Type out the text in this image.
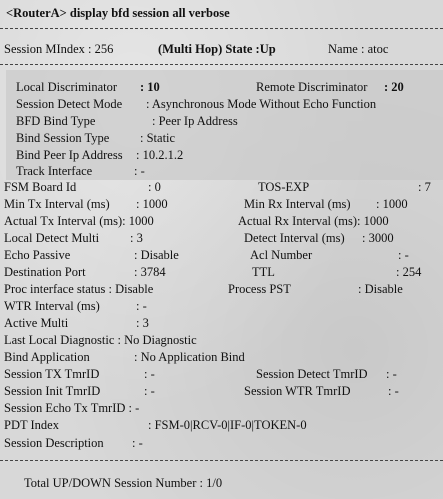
<RouterA> display bfd session all verbose
Session MIndex : 256	(Multi Hop) State :Up	Name : atoc
Local Discriminator : 10	Remote Discriminator : 20
Session Detect Mode : Asynchronous Mode Without Echo Function
BFD Bind Type	: Peer Ip Address
Bind Session Type : Static
Bind Peer Ip Address : 10.2.1.2
Track Interface	: -
FSM Board Id	: 0	TOS-EXP	: 7
Min Tx Interval (ms) : 1000	Min Rx Interval (ms) : 1000
Actual Tx Interval (ms): 1000	Actual Rx Interval (ms): 1000
Local Detect Multi : 3	Detect Interval (ms) : 3000
Echo Passive	: Disable	Acl Number	: -
Destination Port	: 3784	TTL	: 254
Proc interface status : Disable	Process PST	: Disable
WTR Interval (ms)	: -
Active Multi	: 3
Last Local Diagnostic : No Diagnostic
Bind Application	: No Application Bind
Session TX TmrID	: -	Session Detect TmrID : -
Session Init TmrID	: -	Session WTR TmrID	: -
Session Echo Tx TmrID : -
PDT Index	: FSM-0|RCV-0|IF-0|TOKEN-0
Session Description : -
Total UP/DOWN Session Number : 1/0
